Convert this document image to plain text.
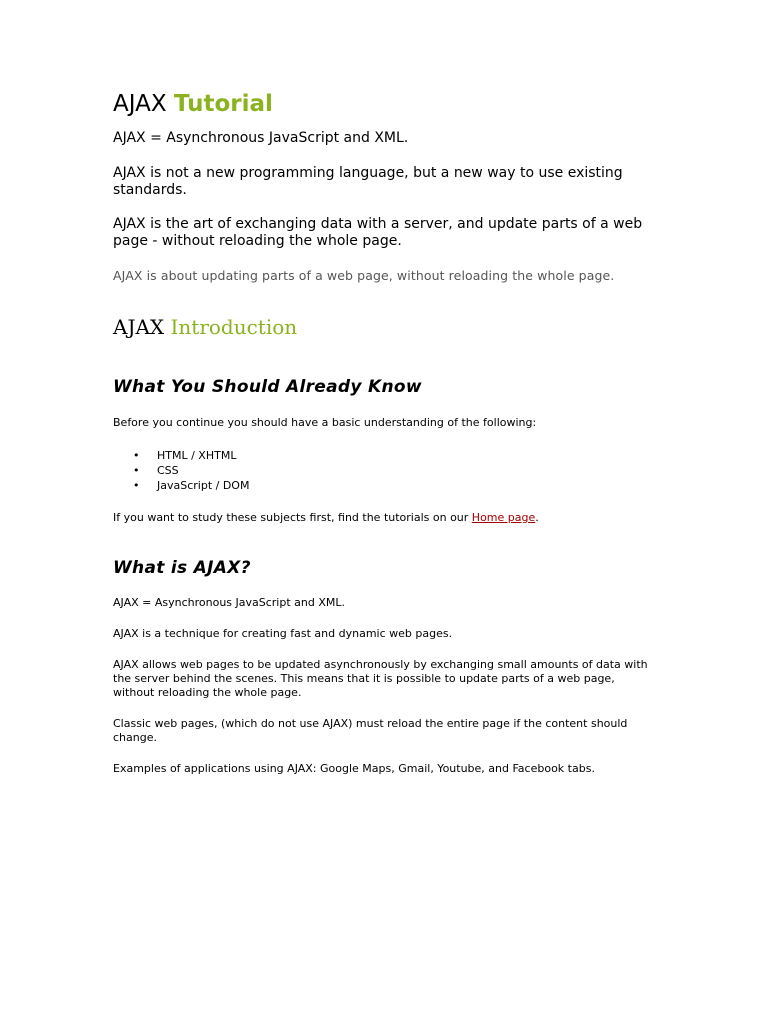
AJAX Tutorial

AJAX = Asynchronous JavaScript and XML.

AJAX is not a new programming language, but a new way to use existing standards.

AJAX is the art of exchanging data with a server, and update parts of a web page - without reloading the whole page.

AJAX is about updating parts of a web page, without reloading the whole page.

AJAX Introduction
What You Should Already Know

Before you continue you should have a basic understanding of the following:

• HTML / XHTML
• CSS
• JavaScript / DOM

If you want to study these subjects first, find the tutorials on our Home page.

What is AJAX?

AJAX = Asynchronous JavaScript and XML.

AJAX is a technique for creating fast and dynamic web pages.

AJAX allows web pages to be updated asynchronously by exchanging small amounts of data with the server behind the scenes. This means that it is possible to update parts of a web page, without reloading the whole page.

Classic web pages, (which do not use AJAX) must reload the entire page if the content should change.

Examples of applications using AJAX: Google Maps, Gmail, Youtube, and Facebook tabs.
